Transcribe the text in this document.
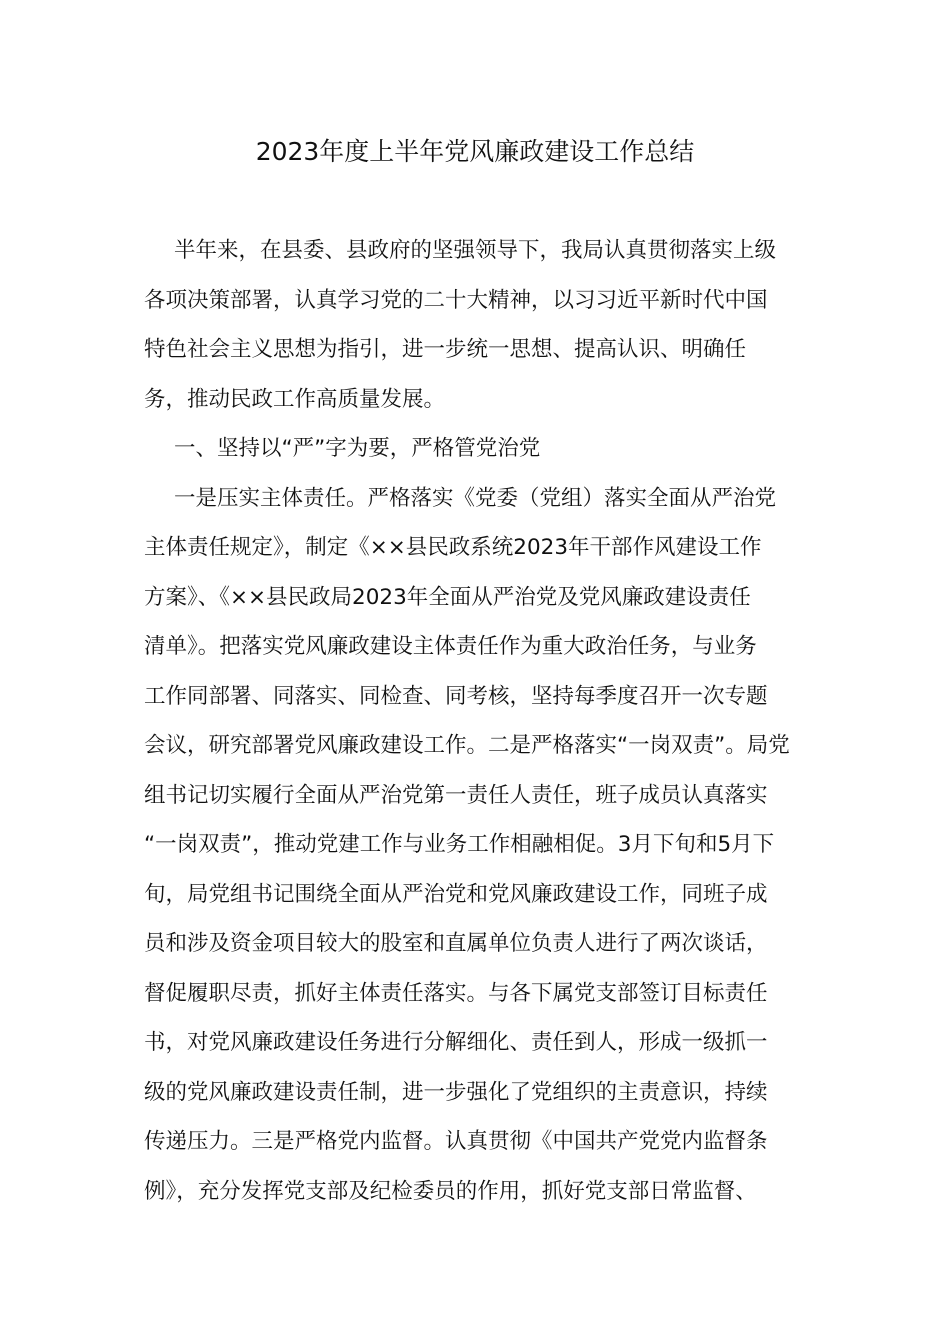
2023年度上半年党风廉政建设工作总结
半年来，在县委、县政府的坚强领导下，我局认真贯彻落实上级
各项决策部署，认真学习党的二十大精神，以习习近平新时代中国
特色社会主义思想为指引，进一步统一思想、提高认识、明确任
务，推动民政工作高质量发展。
一、坚持以“严”字为要，严格管党治党
一是压实主体责任。严格落实《党委（党组）落实全面从严治党
主体责任规定》，制定《××县民政系统2023年干部作风建设工作
方案》、《××县民政局2023年全面从严治党及党风廉政建设责任
清单》。把落实党风廉政建设主体责任作为重大政治任务，与业务
工作同部署、同落实、同检查、同考核，坚持每季度召开一次专题
会议，研究部署党风廉政建设工作。二是严格落实“一岗双责”。局党
组书记切实履行全面从严治党第一责任人责任，班子成员认真落实
“一岗双责”，推动党建工作与业务工作相融相促。3月下旬和5月下
旬，局党组书记围绕全面从严治党和党风廉政建设工作，同班子成
员和涉及资金项目较大的股室和直属单位负责人进行了两次谈话，
督促履职尽责，抓好主体责任落实。与各下属党支部签订目标责任
书，对党风廉政建设任务进行分解细化、责任到人，形成一级抓一
级的党风廉政建设责任制，进一步强化了党组织的主责意识，持续
传递压力。三是严格党内监督。认真贯彻《中国共产党党内监督条
例》，充分发挥党支部及纪检委员的作用，抓好党支部日常监督、
